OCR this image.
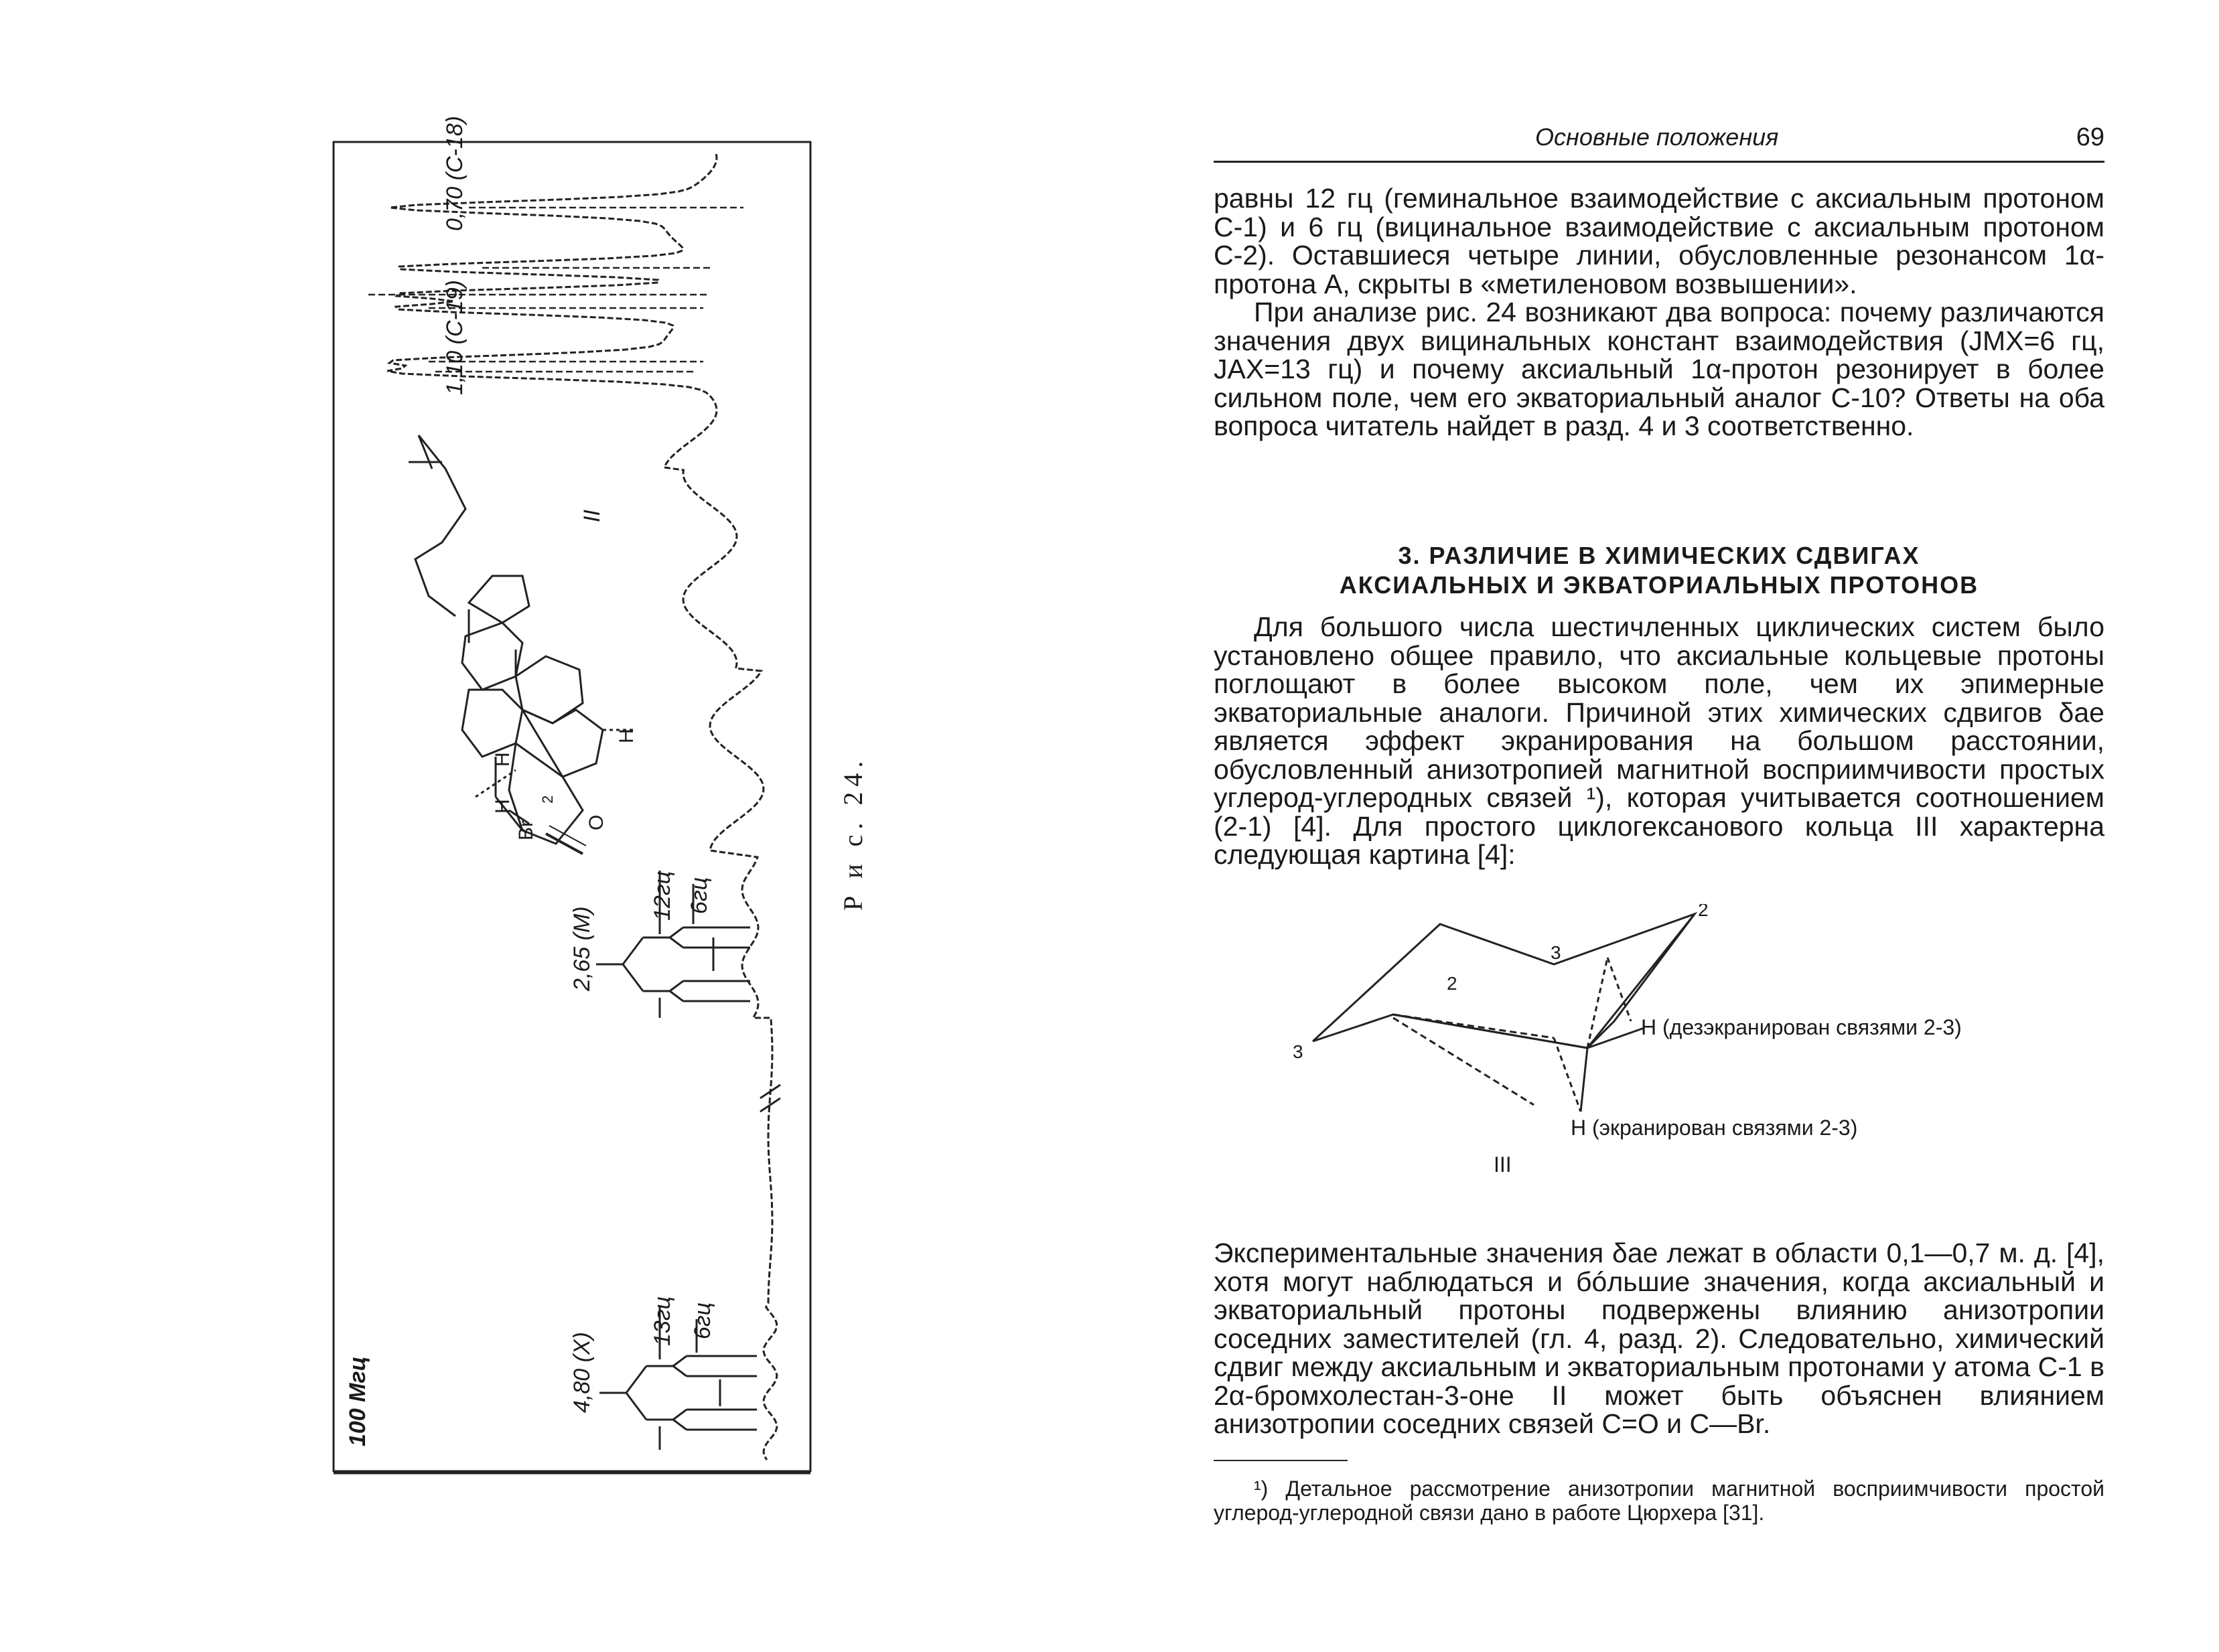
0,70 (С-18)
1,10 (С-19)
2,65 (М)
4,80 (X)
12гц 6гц
13гц 6гц
100 Мгц
II
Br
H
H
H
2
O	Р и с. 24.
Основные положения	69

равны 12 гц (геминальное взаимодействие с аксиальным протоном С-1) и 6 гц (вицинальное взаимодействие с аксиальным протоном С-2). Оставшиеся четыре линии, обусловленные резонансом 1α-протона А, скрыты в «метиленовом возвышении».

При анализе рис. 24 возникают два вопроса: почему различаются значения двух вицинальных констант взаимодействия (JMX=6 гц, JAX=13 гц) и почему аксиальный 1α-протон резонирует в более сильном поле, чем его экваториальный аналог С-10? Ответы на оба вопроса читатель найдет в разд. 4 и 3 соответственно.

3. РАЗЛИЧИЕ В ХИМИЧЕСКИХ СДВИГАХ
АКСИАЛЬНЫХ И ЭКВАТОРИАЛЬНЫХ ПРОТОНОВ

Для большого числа шестичленных циклических систем было установлено общее правило, что аксиальные кольцевые протоны поглощают в более высоком поле, чем их эпимерные экваториальные аналоги. Причиной этих химических сдвигов δae является эффект экранирования на большом расстоянии, обусловленный анизотропией магнитной восприимчивости простых углерод-углеродных связей ¹), которая учитывается соотношением (2-1) [4]. Для простого циклогексанового кольца III характерна следующая картина [4]:

2
3
2
3
H (дезэкранирован связями 2-3)
H (экранирован связями 2-3)
III

Экспериментальные значения δae лежат в области 0,1—0,7 м. д. [4], хотя могут наблюдаться и бóльшие значения, когда аксиальный и экваториальный протоны подвержены влиянию анизотропии соседних заместителей (гл. 4, разд. 2). Следовательно, химический сдвиг между аксиальным и экваториальным протонами у атома С-1 в 2α-бромхолестан-3-оне II может быть объяснен влиянием анизотропии соседних связей С=О и С—Br.

¹) Детальное рассмотрение анизотропии магнитной восприимчивости простой углерод-углеродной связи дано в работе Цюрхера [31].
